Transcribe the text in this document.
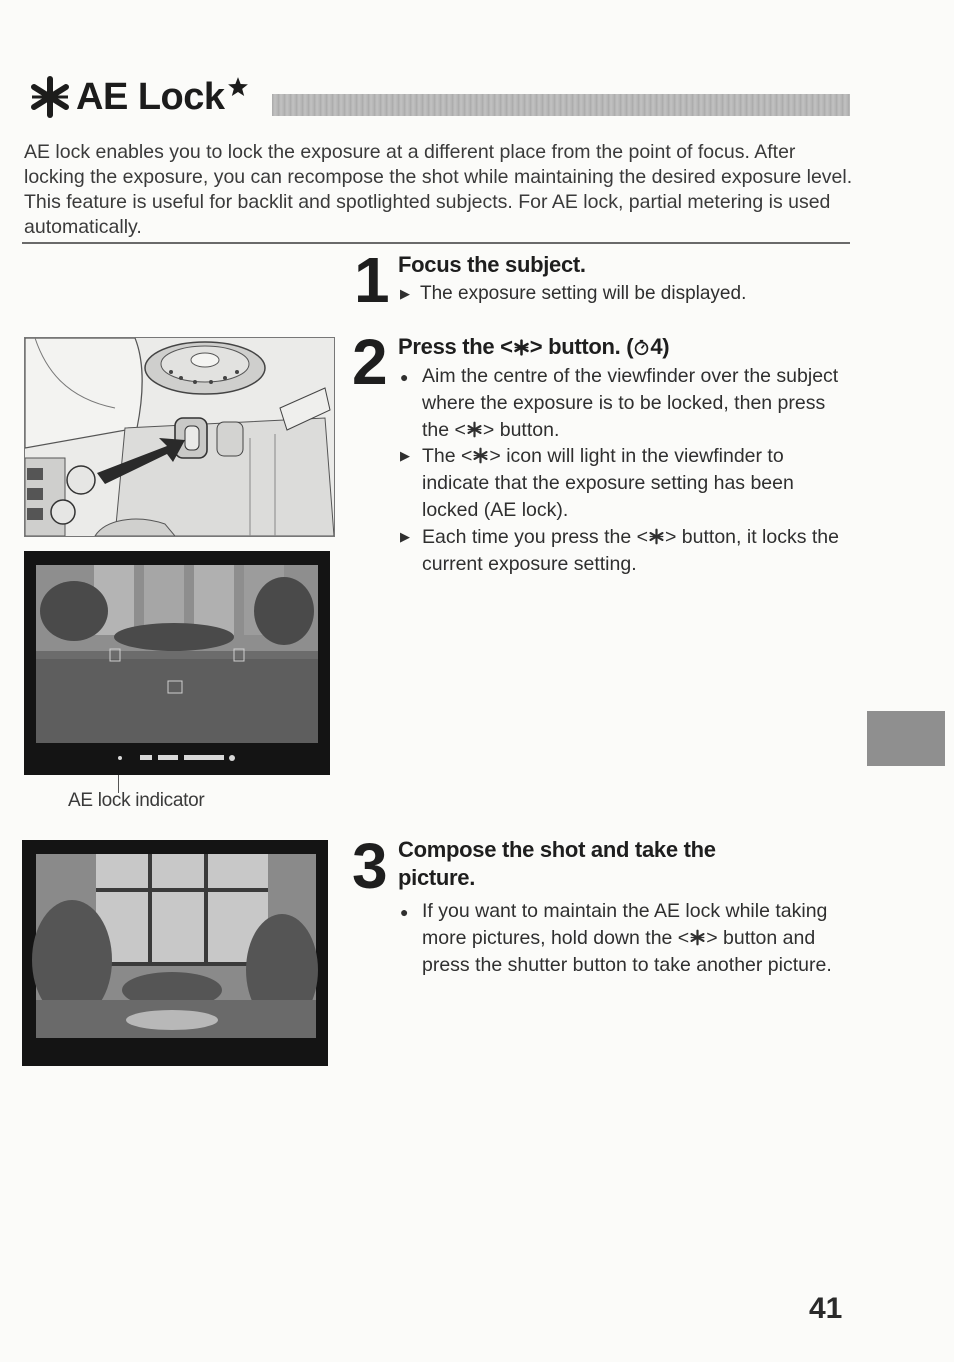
AE Lock
AE lock enables you to lock the exposure at a different place from the point of focus. After locking the exposure, you can recompose the shot while maintaining the desired exposure level. This feature is useful for backlit and spotlighted subjects. For AE lock, partial metering is used automatically.
1 Focus the subject.
▶ The exposure setting will be displayed.
2 Press the < > button. ( 4)
● Aim the centre of the viewfinder over the subject where the exposure is to be locked, then press the < > button.
▶ The < > icon will light in the viewfinder to indicate that the exposure setting has been locked (AE lock).
▶ Each time you press the < > button, it locks the current exposure setting.
AE lock indicator
3 Compose the shot and take the picture.
● If you want to maintain the AE lock while taking more pictures, hold down the < > button and press the shutter button to take another picture.
41
